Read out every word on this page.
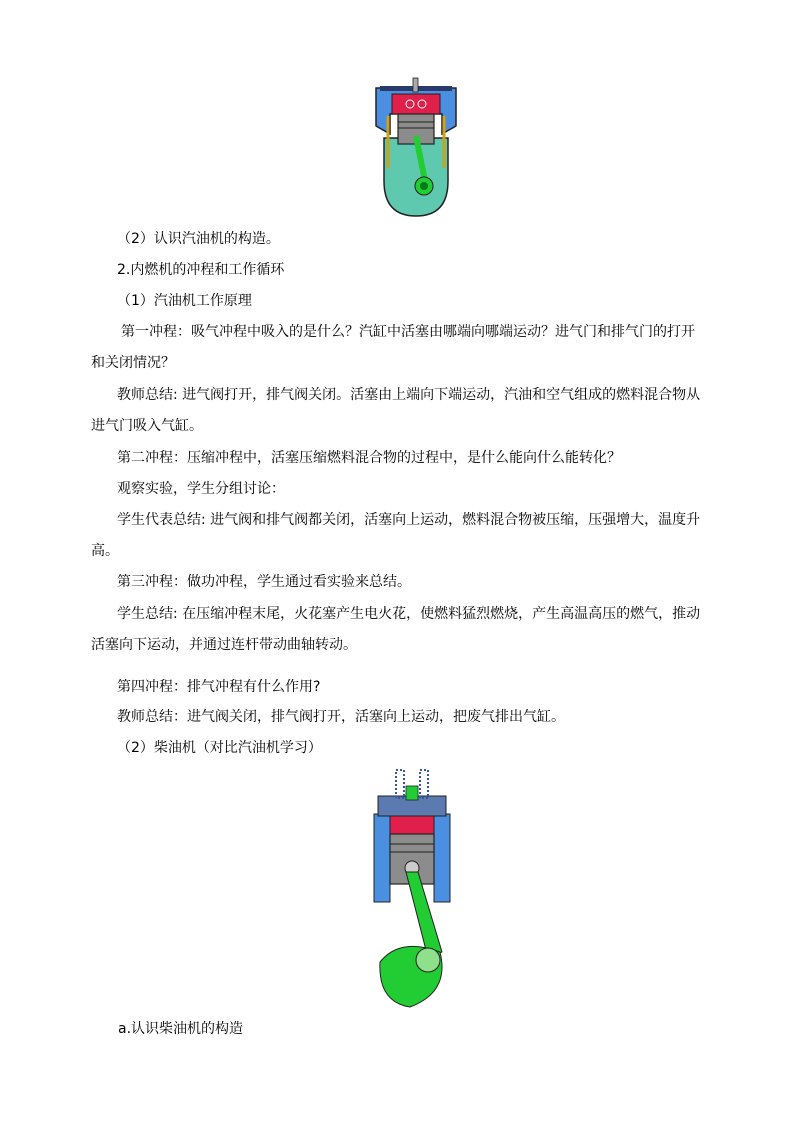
（2）认识汽油机的构造。
2.内燃机的冲程和工作循环
（1）汽油机工作原理
第一冲程：吸气冲程中吸入的是什么？汽缸中活塞由哪端向哪端运动？进气门和排气门的打开
和关闭情况？
教师总结: 进气阀打开，排气阀关闭。活塞由上端向下端运动，汽油和空气组成的燃料混合物从
进气门吸入气缸。
第二冲程：压缩冲程中，活塞压缩燃料混合物的过程中，是什么能向什么能转化？
观察实验，学生分组讨论：
学生代表总结: 进气阀和排气阀都关闭，活塞向上运动，燃料混合物被压缩，压强增大，温度升
高。
第三冲程：做功冲程，学生通过看实验来总结。
学生总结: 在压缩冲程末尾，火花塞产生电火花，使燃料猛烈燃烧，产生高温高压的燃气，推动
活塞向下运动，并通过连杆带动曲轴转动。
第四冲程：排气冲程有什么作用?
教师总结：进气阀关闭，排气阀打开，活塞向上运动，把废气排出气缸。
（2）柴油机（对比汽油机学习）
a.认识柴油机的构造
